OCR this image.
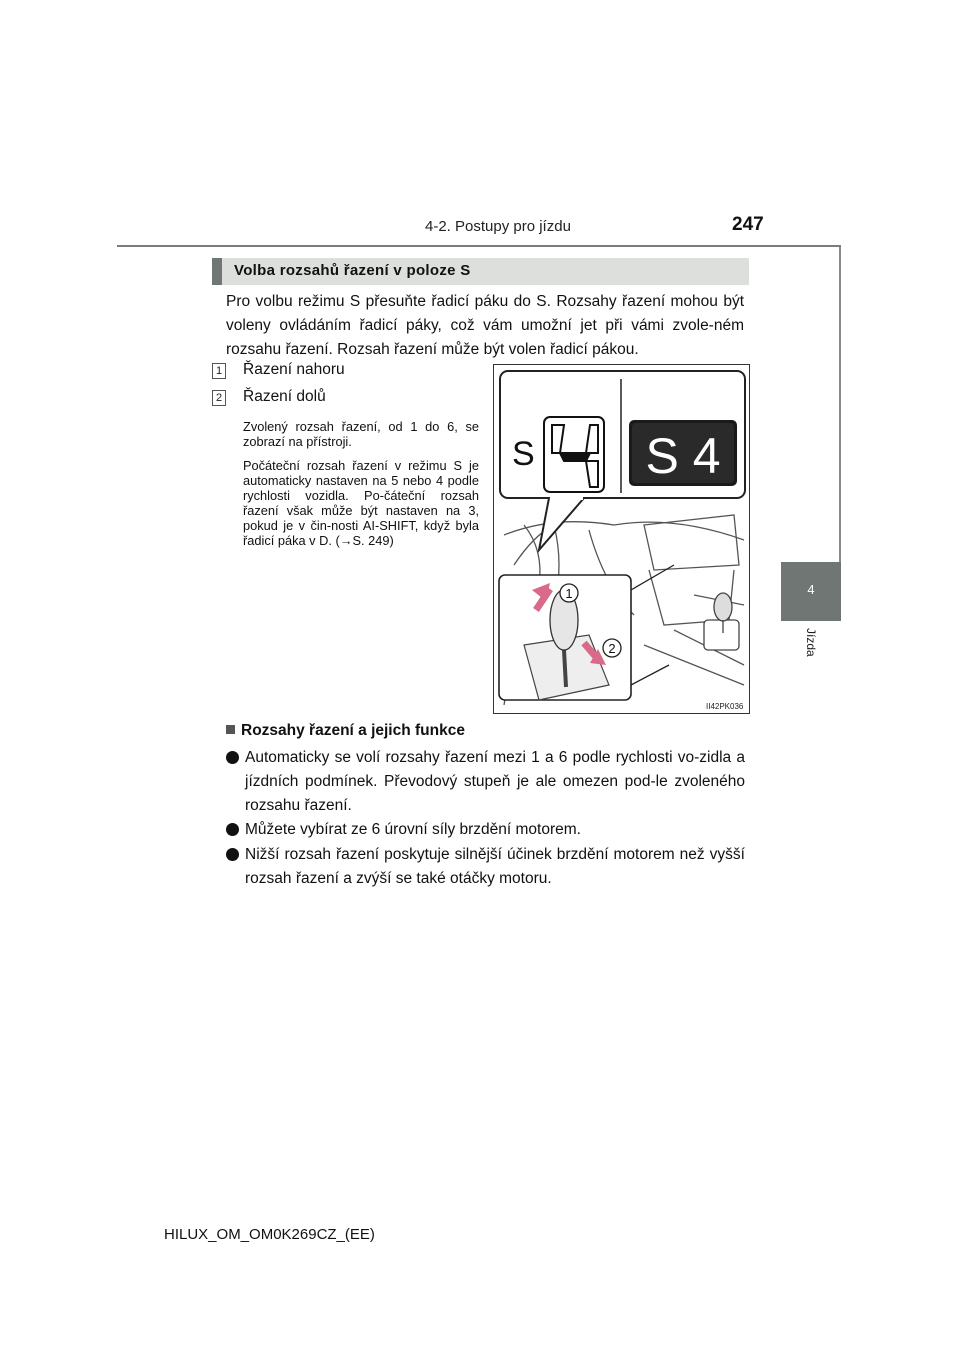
4-2. Postupy pro jízdu	247
4
Jízda
Volba rozsahů řazení v poloze S

Pro volbu režimu S přesuňte řadicí páku do S. Rozsahy řazení mohou být voleny ovládáním řadicí páky, což vám umožní jet při vámi zvole-ném rozsahu řazení. Rozsah řazení může být volen řadicí pákou.

1 Řazení nahoru
2 Řazení dolů

Zvolený rozsah řazení, od 1 do 6, se zobrazí na přístroji.

Počáteční rozsah řazení v režimu S je automaticky nastaven na 5 nebo 4 podle rychlosti vozidla. Po-čáteční rozsah řazení však může být nastaven na 3, pokud je v čin-nosti AI-SHIFT, když byla řadicí páka v D. (→S. 249)

S S 4
1
2
II42PK036
Rozsahy řazení a jejich funkce
Automaticky se volí rozsahy řazení mezi 1 a 6 podle rychlosti vo-zidla a jízdních podmínek. Převodový stupeň je ale omezen pod-le zvoleného rozsahu řazení.
Můžete vybírat ze 6 úrovní síly brzdění motorem.
Nižší rozsah řazení poskytuje silnější účinek brzdění motorem než vyšší rozsah řazení a zvýší se také otáčky motoru.
HILUX_OM_OM0K269CZ_(EE)
